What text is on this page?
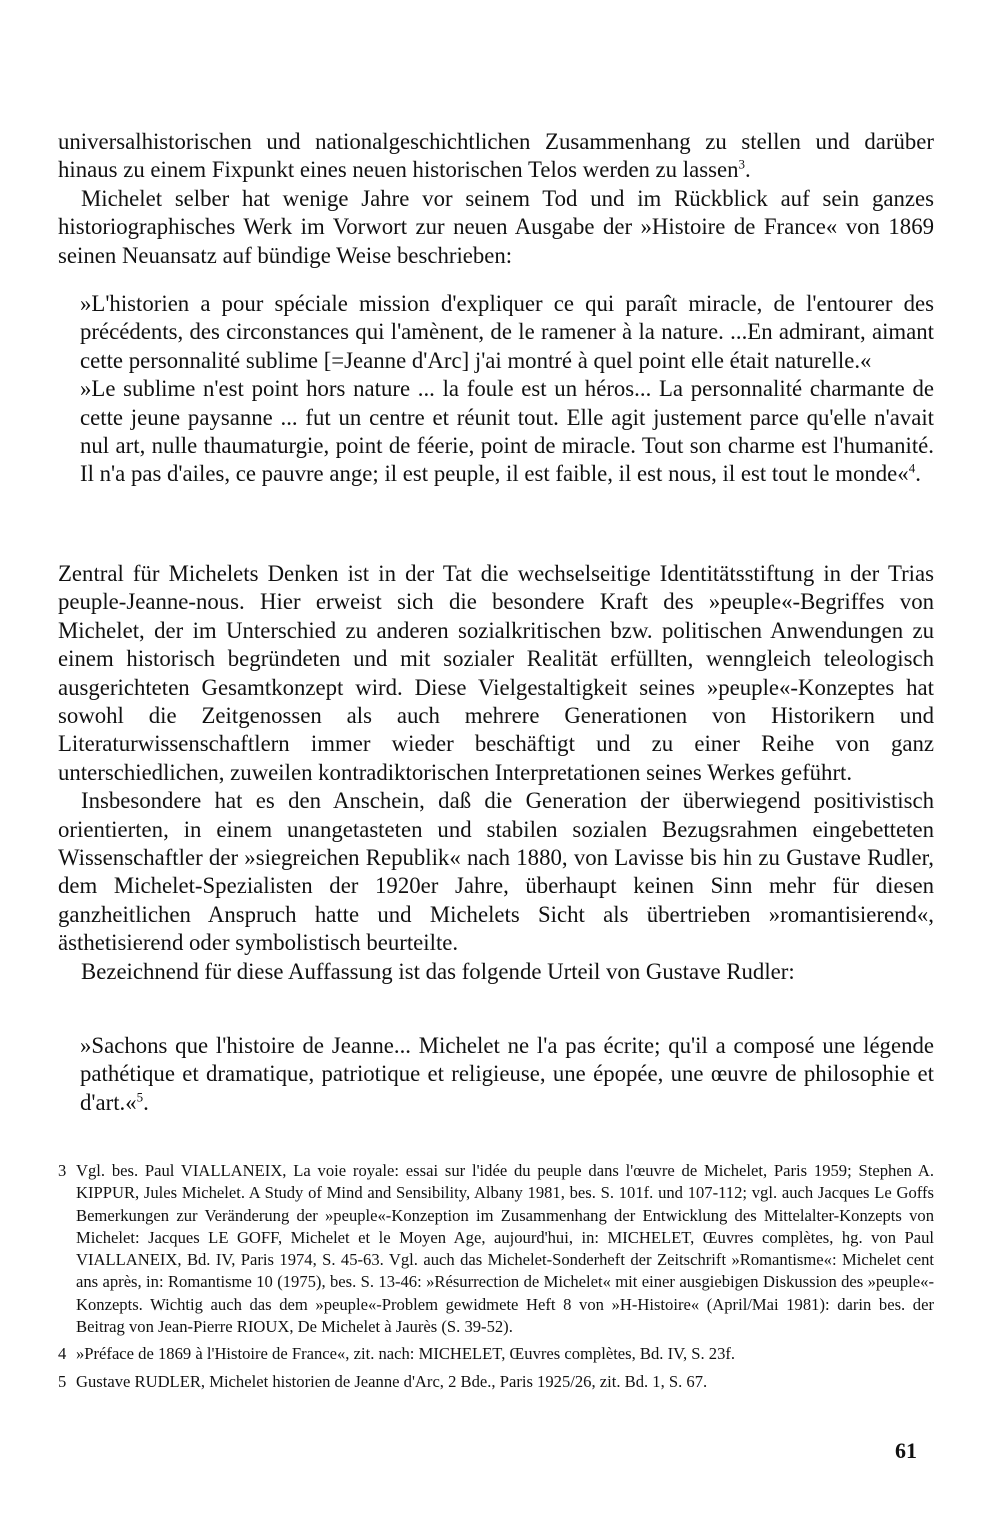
universalhistorischen und nationalgeschichtlichen Zusammenhang zu stellen und darüber hinaus zu einem Fixpunkt eines neuen historischen Telos werden zu lassen$^3$.

Michelet selber hat wenige Jahre vor seinem Tod und im Rückblick auf sein ganzes historiographisches Werk im Vorwort zur neuen Ausgabe der »Histoire de France« von 1869 seinen Neuansatz auf bündige Weise beschrieben:

»L'historien a pour spéciale mission d'expliquer ce qui paraît miracle, de l'entourer des précédents, des circonstances qui l'amènent, de le ramener à la nature. ...En admirant, aimant cette personnalité sublime [=Jeanne d'Arc] j'ai montré à quel point elle était naturelle.«

»Le sublime n'est point hors nature ... la foule est un héros... La personnalité charmante de cette jeune paysanne ... fut un centre et réunit tout. Elle agit justement parce qu'elle n'avait nul art, nulle thaumaturgie, point de féerie, point de miracle. Tout son charme est l'humanité. Il n'a pas d'ailes, ce pauvre ange; il est peuple, il est faible, il est nous, il est tout le monde«$^4$.

Zentral für Michelets Denken ist in der Tat die wechselseitige Identitätsstiftung in der Trias peuple-Jeanne-nous. Hier erweist sich die besondere Kraft des »peuple«-Begriffes von Michelet, der im Unterschied zu anderen sozialkritischen bzw. politischen Anwendungen zu einem historisch begründeten und mit sozialer Realität erfüllten, wenngleich teleologisch ausgerichteten Gesamtkonzept wird. Diese Vielgestaltigkeit seines »peuple«-Konzeptes hat sowohl die Zeitgenossen als auch mehrere Generationen von Historikern und Literaturwissenschaftlern immer wieder beschäftigt und zu einer Reihe von ganz unterschiedlichen, zuweilen kontradiktorischen Interpretationen seines Werkes geführt.

Insbesondere hat es den Anschein, daß die Generation der überwiegend positivistisch orientierten, in einem unangetasteten und stabilen sozialen Bezugsrahmen eingebetteten Wissenschaftler der »siegreichen Republik« nach 1880, von Lavisse bis hin zu Gustave Rudler, dem Michelet-Spezialisten der 1920er Jahre, überhaupt keinen Sinn mehr für diesen ganzheitlichen Anspruch hatte und Michelets Sicht als übertrieben »romantisierend«, ästhetisierend oder symbolistisch beurteilte.

Bezeichnend für diese Auffassung ist das folgende Urteil von Gustave Rudler:

»Sachons que l'histoire de Jeanne... Michelet ne l'a pas écrite; qu'il a composé une légende pathétique et dramatique, patriotique et religieuse, une épopée, une œuvre de philosophie et d'art.«$^5$.

3 Vgl. bes. Paul VIALLANEIX, La voie royale: essai sur l'idée du peuple dans l'œuvre de Michelet, Paris 1959; Stephen A. KIPPUR, Jules Michelet. A Study of Mind and Sensibility, Albany 1981, bes. S. 101f. und 107-112; vgl. auch Jacques Le Goffs Bemerkungen zur Veränderung der »peuple«-Konzeption im Zusammenhang der Entwicklung des Mittelalter-Konzepts von Michelet: Jacques LE GOFF, Michelet et le Moyen Age, aujourd'hui, in: MICHELET, Œuvres complètes, hg. von Paul VIALLANEIX, Bd. IV, Paris 1974, S. 45-63. Vgl. auch das Michelet-Sonderheft der Zeitschrift »Romantisme«: Michelet cent ans après, in: Romantisme 10 (1975), bes. S. 13-46: »Résurrection de Michelet« mit einer ausgiebigen Diskussion des »peuple«-Konzepts. Wichtig auch das dem »peuple«-Problem gewidmete Heft 8 von »H-Histoire« (April/Mai 1981): darin bes. der Beitrag von Jean-Pierre RIOUX, De Michelet à Jaurès (S. 39-52).
4 »Préface de 1869 à l'Histoire de France«, zit. nach: MICHELET, Œuvres complètes, Bd. IV, S. 23f.
5 Gustave RUDLER, Michelet historien de Jeanne d'Arc, 2 Bde., Paris 1925/26, zit. Bd. 1, S. 67.
61
